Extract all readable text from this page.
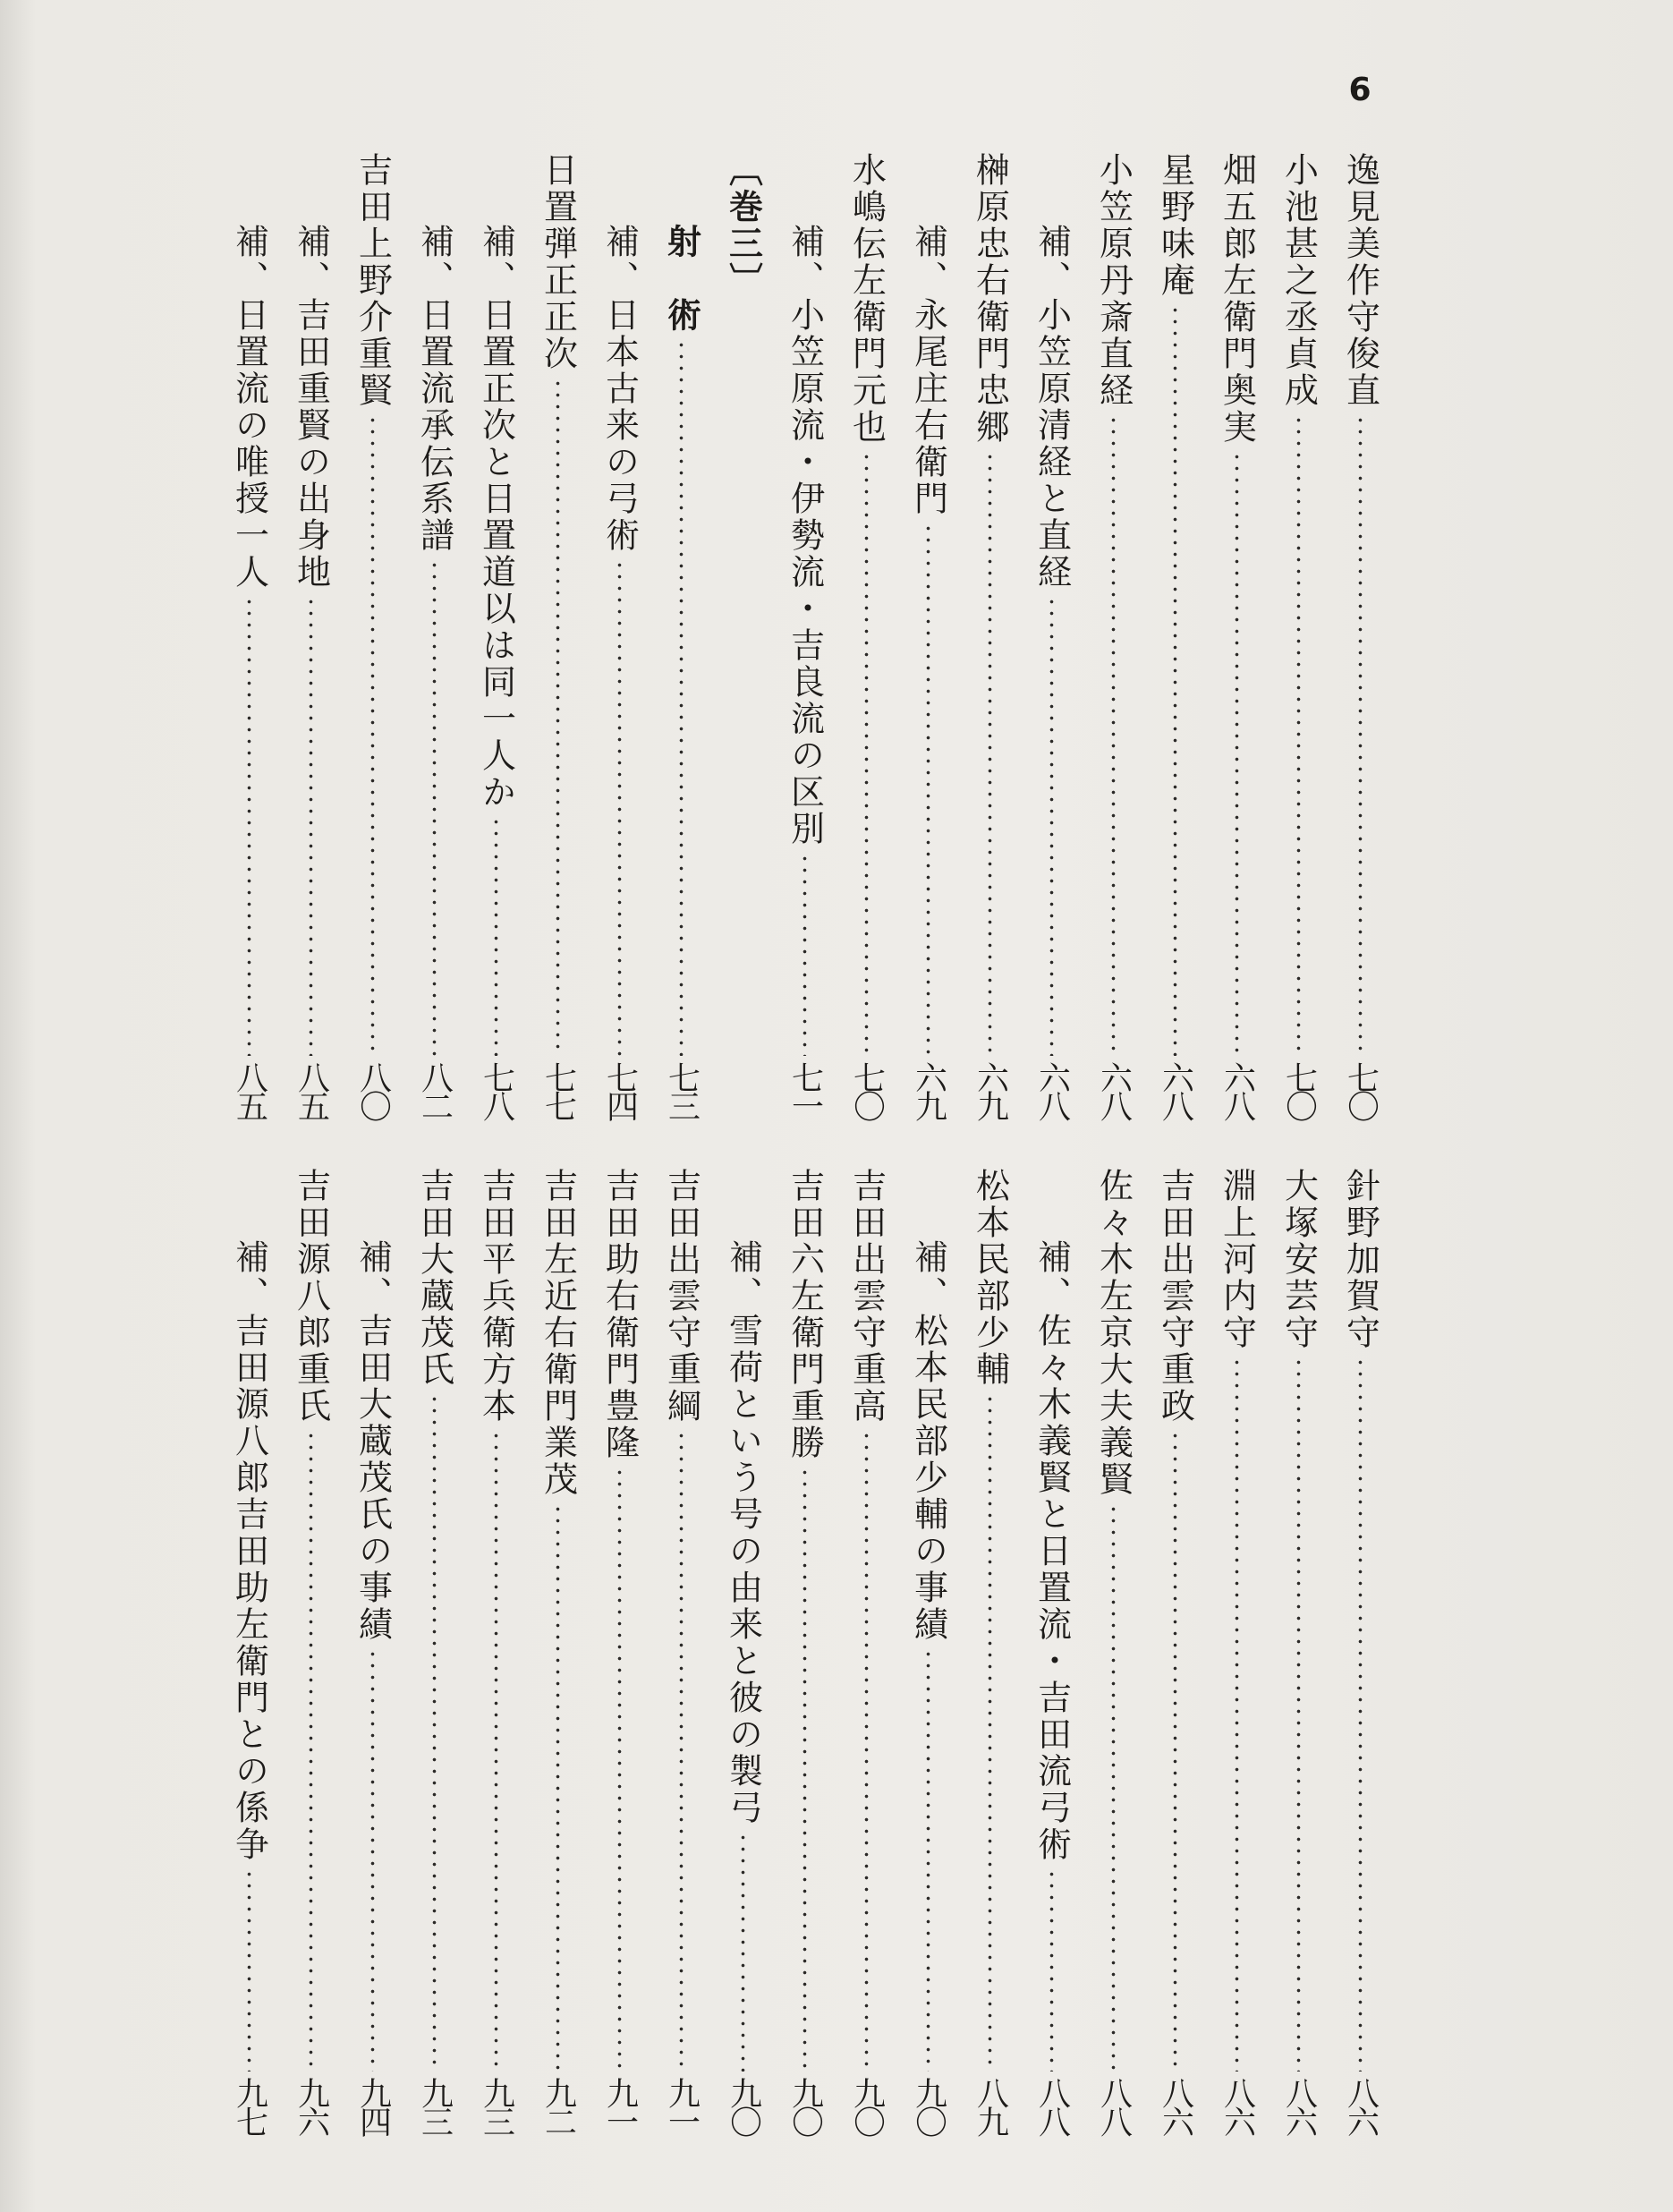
6
逸見美作守俊直
七〇
小池甚之丞貞成
七〇
畑五郎左衛門奥実
六八
星野味庵
六八
小笠原丹斎直経
六八
補、小笠原清経と直経
六八
榊原忠右衛門忠郷
六九
補、永尾庄右衛門
六九
水嶋伝左衛門元也
七〇
補、小笠原流・伊勢流・吉良流の区別
七一
〔巻三〕
射　術
七三
補、日本古来の弓術
七四
日置弾正正次
七七
補、日置正次と日置道以は同一人か
七八
補、日置流承伝系譜
八二
吉田上野介重賢
八〇
補、吉田重賢の出身地
八五
補、日置流の唯授一人
八五
針野加賀守
八六
大塚安芸守
八六
淵上河内守
八六
吉田出雲守重政
八六
佐々木左京大夫義賢
八八
補、佐々木義賢と日置流・吉田流弓術
八八
松本民部少輔
八九
補、松本民部少輔の事績
九〇
吉田出雲守重高
九〇
吉田六左衛門重勝
九〇
補、雪荷という号の由来と彼の製弓
九〇
吉田出雲守重綱
九一
吉田助右衛門豊隆
九一
吉田左近右衛門業茂
九二
吉田平兵衛方本
九三
吉田大蔵茂氏
九三
補、吉田大蔵茂氏の事績
九四
吉田源八郎重氏
九六
補、吉田源八郎吉田助左衛門との係争
九七
